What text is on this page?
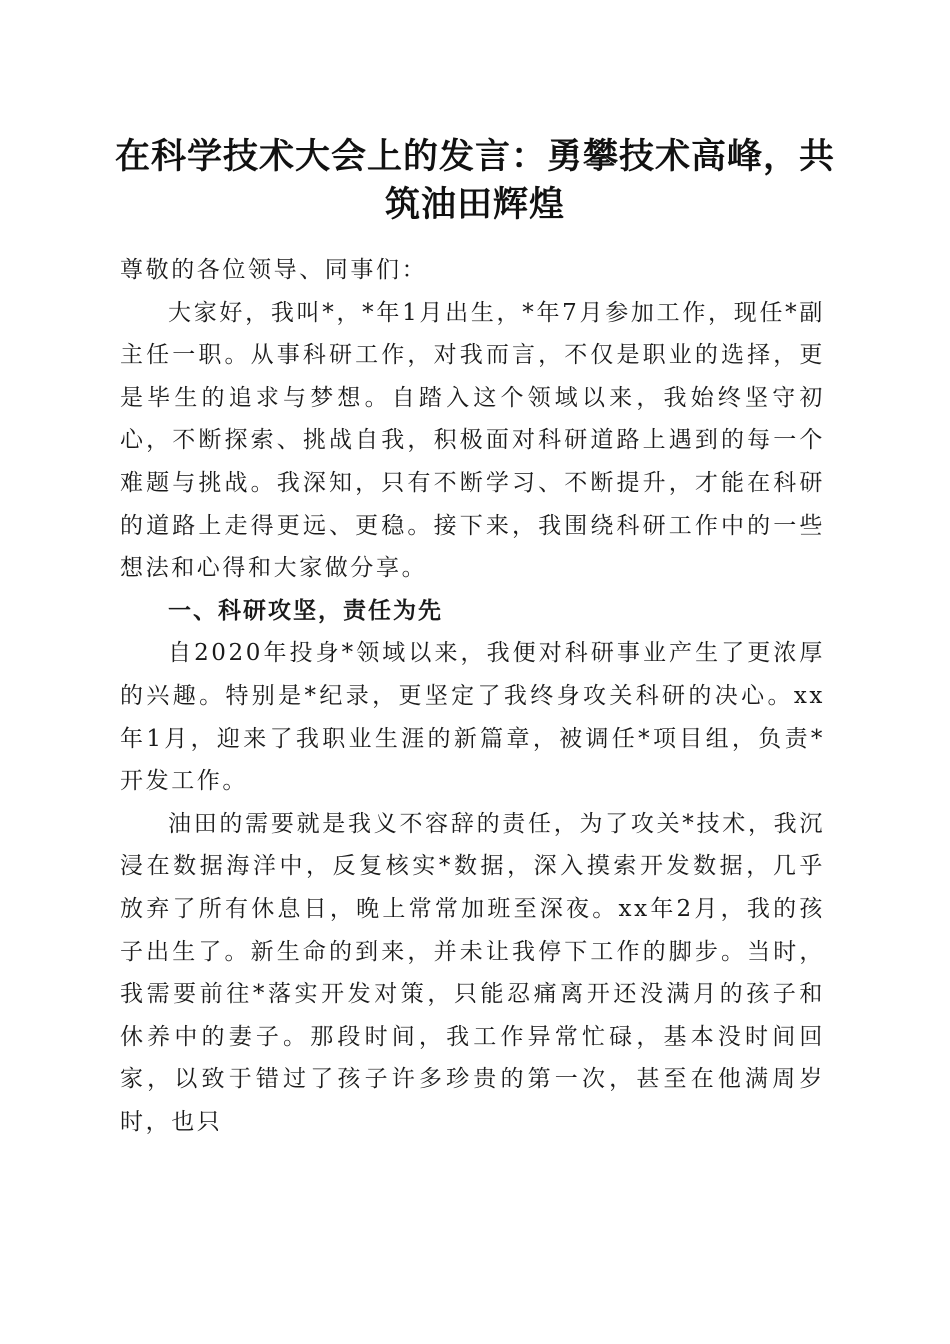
在科学技术大会上的发言：勇攀技术高峰，共筑油田辉煌

尊敬的各位领导、同事们：

大家好，我叫*，*年1月出生，*年7月参加工作，现任*副主任一职。从事科研工作，对我而言，不仅是职业的选择，更是毕生的追求与梦想。自踏入这个领域以来，我始终坚守初心，不断探索、挑战自我，积极面对科研道路上遇到的每一个难题与挑战。我深知，只有不断学习、不断提升，才能在科研的道路上走得更远、更稳。接下来，我围绕科研工作中的一些想法和心得和大家做分享。

一、科研攻坚，责任为先

自2020年投身*领域以来，我便对科研事业产生了更浓厚的兴趣。特别是*纪录，更坚定了我终身攻关科研的决心。xx年1月，迎来了我职业生涯的新篇章，被调任*项目组，负责*开发工作。

油田的需要就是我义不容辞的责任，为了攻关*技术，我沉浸在数据海洋中，反复核实*数据，深入摸索开发数据，几乎放弃了所有休息日，晚上常常加班至深夜。xx年2月，我的孩子出生了。新生命的到来，并未让我停下工作的脚步。当时，我需要前往*落实开发对策，只能忍痛离开还没满月的孩子和休养中的妻子。那段时间，我工作异常忙碌，基本没时间回家，以致于错过了孩子许多珍贵的第一次，甚至在他满周岁时，也只
